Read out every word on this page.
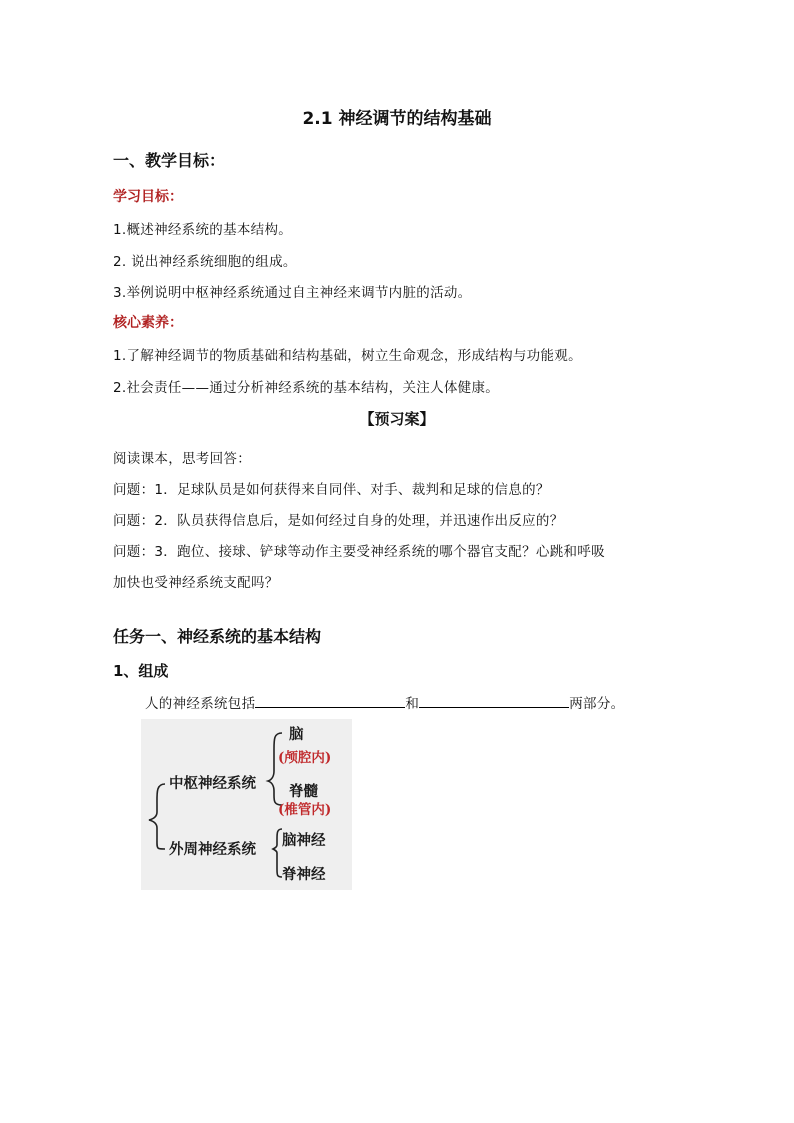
2.1 神经调节的结构基础
一、教学目标：
学习目标：
1.概述神经系统的基本结构。
2. 说出神经系统细胞的组成。
3.举例说明中枢神经系统通过自主神经来调节内脏的活动。
核心素养：
1.了解神经调节的物质基础和结构基础，树立生命观念，形成结构与功能观。
2.社会责任——通过分析神经系统的基本结构，关注人体健康。
【预习案】
阅读课本，思考回答：
问题：1．足球队员是如何获得来自同伴、对手、裁判和足球的信息的？
问题：2．队员获得信息后，是如何经过自身的处理，并迅速作出反应的？
问题：3．跑位、接球、铲球等动作主要受神经系统的哪个器官支配？心跳和呼吸
加快也受神经系统支配吗？
任务一、神经系统的基本结构
1、组成
人的神经系统包括	和	两部分。
中枢神经系统
脑
(颅腔内)
脊髓
(椎管内)
外周神经系统
脑神经
脊神经
